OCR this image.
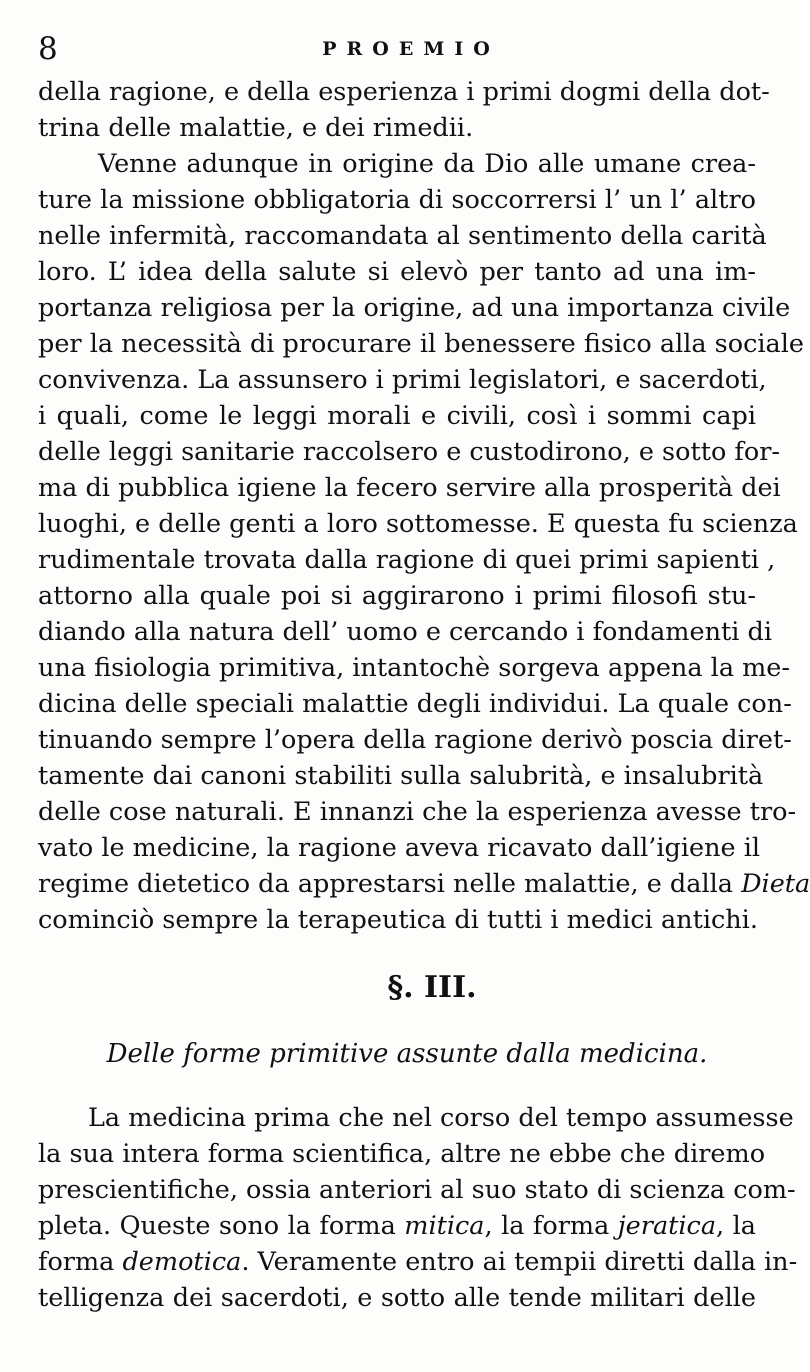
8	PROEMIO
della ragione, e della esperienza i primi dogmi della dot-
trina delle malattie, e dei rimedii.
Venne adunque in origine da Dio alle umane crea-
ture la missione obbligatoria di soccorrersi l’ un l’ altro
nelle infermità, raccomandata al sentimento della carità
loro. L’ idea della salute si elevò per tanto ad una im-
portanza religiosa per la origine, ad una importanza civile
per la necessità di procurare il benessere fisico alla sociale
convivenza. La assunsero i primi legislatori, e sacerdoti,
i quali, come le leggi morali e civili, così i sommi capi
delle leggi sanitarie raccolsero e custodirono, e sotto for-
ma di pubblica igiene la fecero servire alla prosperità dei
luoghi, e delle genti a loro sottomesse. E questa fu scienza
rudimentale trovata dalla ragione di quei primi sapienti ,
attorno alla quale poi si aggirarono i primi filosofi stu-
diando alla natura dell’ uomo e cercando i fondamenti di
una fisiologia primitiva, intantochè sorgeva appena la me-
dicina delle speciali malattie degli individui. La quale con-
tinuando sempre l’opera della ragione derivò poscia diret-
tamente dai canoni stabiliti sulla salubrità, e insalubrità
delle cose naturali. E innanzi che la esperienza avesse tro-
vato le medicine, la ragione aveva ricavato dall’igiene il
regime dietetico da apprestarsi nelle malattie, e dalla Dieta
cominciò sempre la terapeutica di tutti i medici antichi.
§. III.
Delle forme primitive assunte dalla medicina.
La medicina prima che nel corso del tempo assumesse
la sua intera forma scientifica, altre ne ebbe che diremo
prescientifiche, ossia anteriori al suo stato di scienza com-
pleta. Queste sono la forma mitica, la forma jeratica, la
forma demotica. Veramente entro ai tempii diretti dalla in-
telligenza dei sacerdoti, e sotto alle tende militari delle
